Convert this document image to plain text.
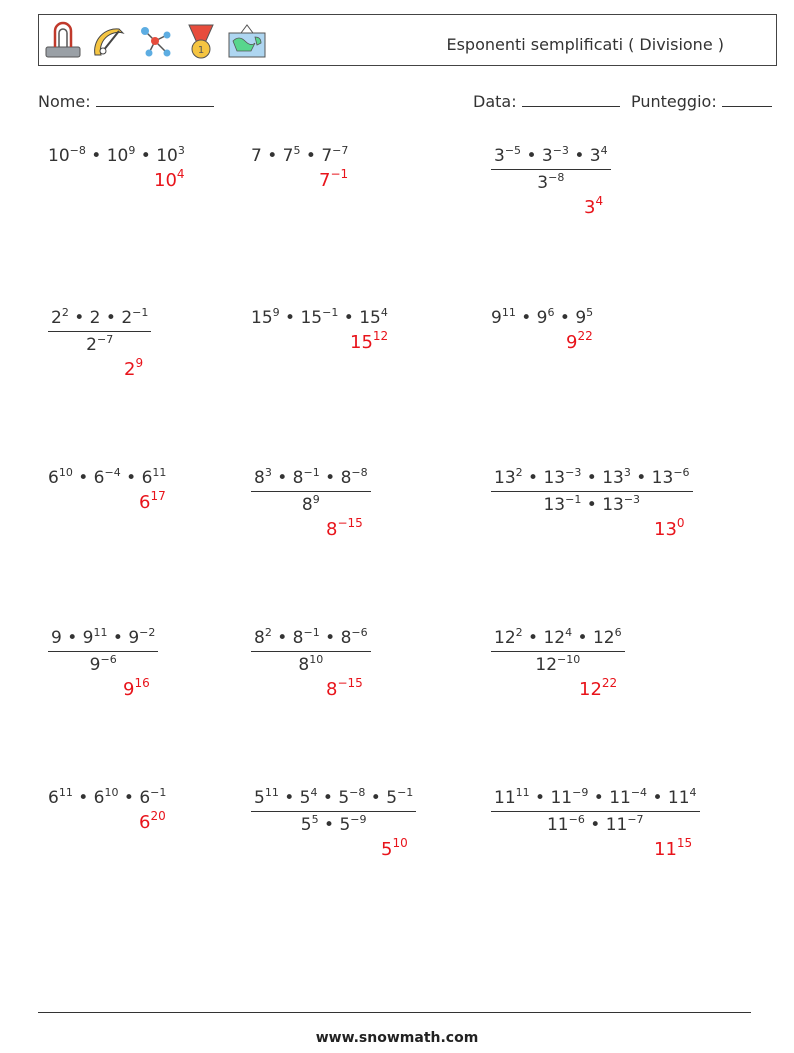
1	Esponenti semplificati ( Divisione )
Nome:	Data:	Punteggio:
$10^{-8}$ • $10^9$ • $10^3$
$10^4$
7 • $7^5$ • $7^{-7}$
$7^{-1}$	$\frac{3^{-5} • 3^{-3} • 3^4}{3^{-8}}$
$3^4$
$\frac{2^2 • 2 • 2^{-1}}{2^{-7}}$
$2^9$
$15^9$ • $15^{-1}$ • $15^4$
$15^{12}$
$9^{11}$ • $9^6$ • $9^5$
$9^{22}$
$6^{10}$ • $6^{-4}$ • $6^{11}$
$6^{17}$	$\frac{8^3 • 8^{-1} • 8^{-8}}{8^9}$
$8^{-15}$
$\frac{13^2 • 13^{-3} • 13^3 • 13^{-6}}{13^{-1} • 13^{-3}}$
$13^0$
$\frac{9 • 9^{11} • 9^{-2}}{9^{-6}}$
$9^{16}$
$\frac{8^2 • 8^{-1} • 8^{-6}}{8^{10}}$
$8^{-15}$
$\frac{12^2 • 12^4 • 12^6}{12^{-10}}$
$12^{22}$
$6^{11}$ • $6^{10}$ • $6^{-1}$
$6^{20}$	$\frac{5^{11} • 5^4 • 5^{-8} • 5^{-1}}{5^5 • 5^{-9}}$
$5^{10}$
$\frac{11^{11} • 11^{-9} • 11^{-4} • 11^4}{11^{-6} • 11^{-7}}$
$11^{15}$
www.snowmath.com
